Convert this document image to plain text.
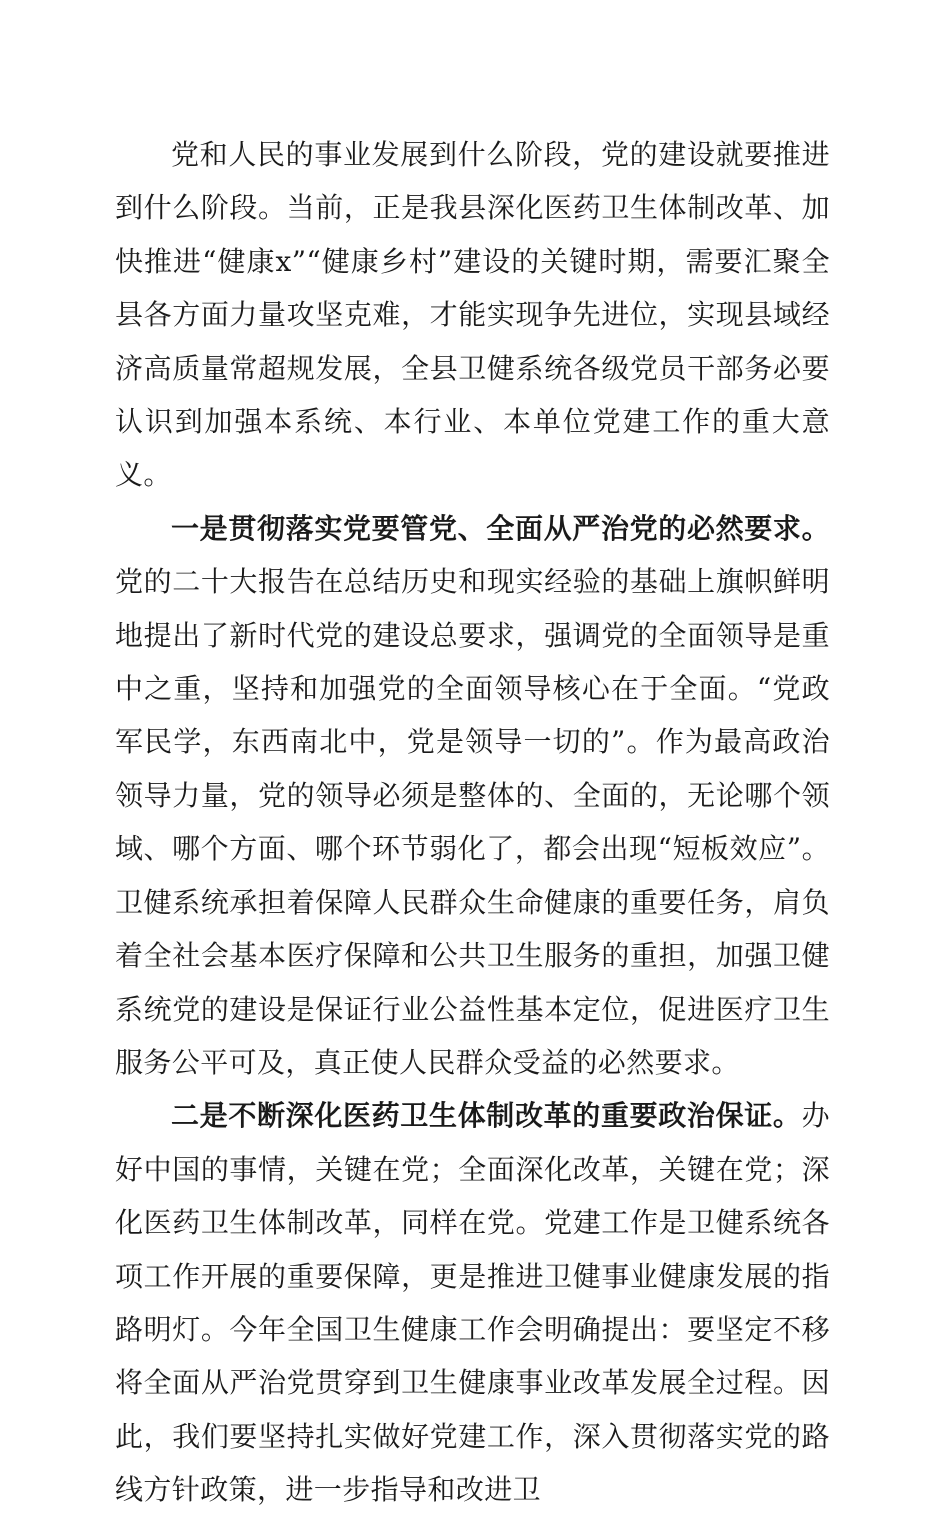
党和人民的事业发展到什么阶段，党的建设就要推进到什么阶段。当前，正是我县深化医药卫生体制改革、加快推进“健康x”“健康乡村”建设的关键时期，需要汇聚全县各方面力量攻坚克难，才能实现争先进位，实现县域经济高质量常超规发展，全县卫健系统各级党员干部务必要认识到加强本系统、本行业、本单位党建工作的重大意义。

一是贯彻落实党要管党、全面从严治党的必然要求。党的二十大报告在总结历史和现实经验的基础上旗帜鲜明地提出了新时代党的建设总要求，强调党的全面领导是重中之重，坚持和加强党的全面领导核心在于全面。“党政军民学，东西南北中，党是领导一切的”。作为最高政治领导力量，党的领导必须是整体的、全面的，无论哪个领域、哪个方面、哪个环节弱化了，都会出现“短板效应”。卫健系统承担着保障人民群众生命健康的重要任务，肩负着全社会基本医疗保障和公共卫生服务的重担，加强卫健系统党的建设是保证行业公益性基本定位，促进医疗卫生服务公平可及，真正使人民群众受益的必然要求。

二是不断深化医药卫生体制改革的重要政治保证。办好中国的事情，关键在党；全面深化改革，关键在党；深化医药卫生体制改革，同样在党。党建工作是卫健系统各项工作开展的重要保障，更是推进卫健事业健康发展的指路明灯。今年全国卫生健康工作会明确提出：要坚定不移将全面从严治党贯穿到卫生健康事业改革发展全过程。因此，我们要坚持扎实做好党建工作，深入贯彻落实党的路线方针政策，进一步指导和改进卫
